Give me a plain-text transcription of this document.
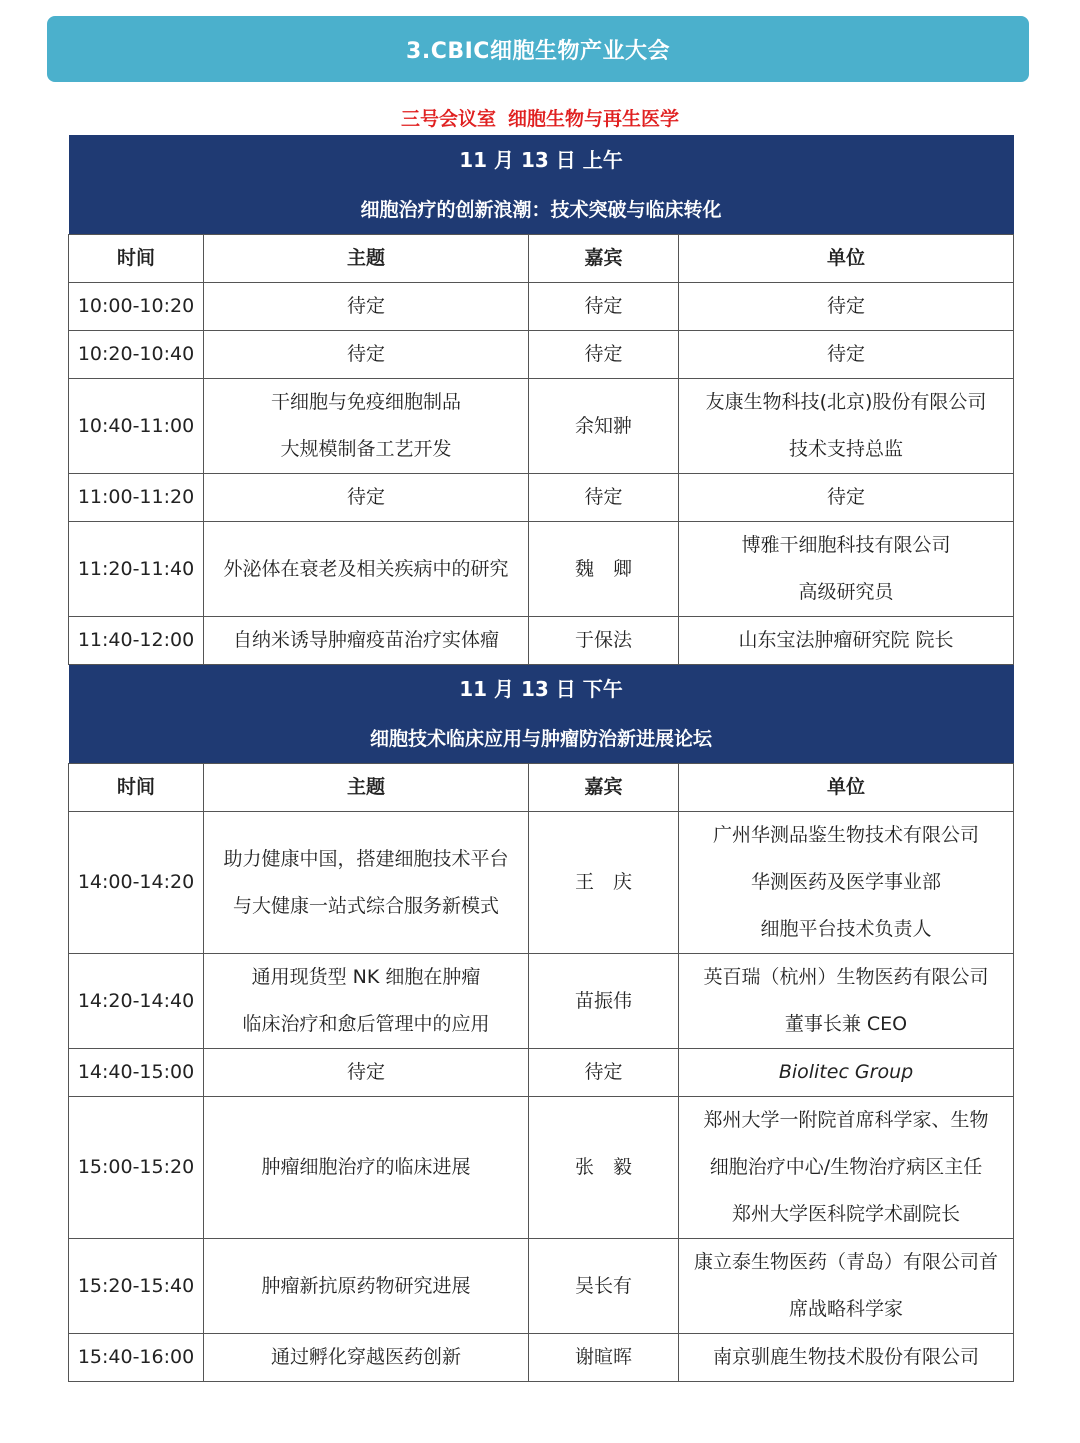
3.CBIC细胞生物产业大会
三号会议室 细胞生物与再生医学
11 月 13 日 上午			
细胞治疗的创新浪潮：技术突破与临床转化			
时间	主题	嘉宾	单位
10:00-10:20	待定	待定	待定

10:20-10:40	待定	待定	待定

10:40-11:00	干细胞与免疫细胞制品
大规模制备工艺开发	余知翀	友康生物科技(北京)股份有限公司
技术支持总监

11:00-11:20	待定	待定	待定

11:20-11:40	外泌体在衰老及相关疾病中的研究	魏　卿	博雅干细胞科技有限公司
高级研究员

11:40-12:00	自纳米诱导肿瘤疫苗治疗实体瘤	于保法	山东宝法肿瘤研究院 院长

11 月 13 日 下午			
细胞技术临床应用与肿瘤防治新进展论坛			
时间	主题	嘉宾	单位
14:00-14:20	助力健康中国，搭建细胞技术平台
与大健康一站式综合服务新模式	王　庆	广州华测品鉴生物技术有限公司
华测医药及医学事业部
细胞平台技术负责人

14:20-14:40	通用现货型 NK 细胞在肿瘤
临床治疗和愈后管理中的应用	苗振伟	英百瑞（杭州）生物医药有限公司
董事长兼 CEO

14:40-15:00	待定	待定	Biolitec Group

15:00-15:20	肿瘤细胞治疗的临床进展	张　毅	郑州大学一附院首席科学家、生物
细胞治疗中心/生物治疗病区主任
郑州大学医科院学术副院长

15:20-15:40	肿瘤新抗原药物研究进展	吴长有	康立泰生物医药（青岛）有限公司首
席战略科学家

15:40-16:00	通过孵化穿越医药创新	谢暄晖	南京驯鹿生物技术股份有限公司
